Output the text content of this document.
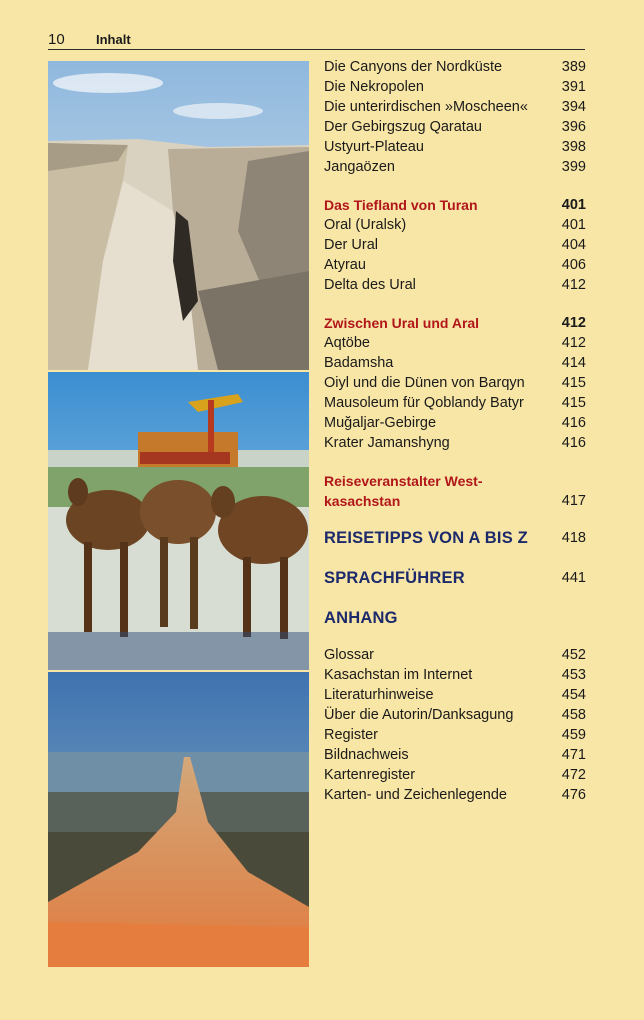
10 Inhalt
Die Canyons der Nordküste	389
Die Nekropolen	391
Die unterirdischen »Moscheen« 394
Der Gebirgszug Qaratau	396
Ustyurt-Plateau	398
Jangaözen	399
Das Tiefland von Turan	401
Oral (Uralsk)	401
Der Ural	404
Atyrau	406
Delta des Ural	412
Zwischen Ural und Aral	412
Aqtöbe	412
Badamsha	414
Oiyl und die Dünen von Barqyn	415
Mausoleum für Qoblandy Batyr	415
Muğaljar-Gebirge	416
Krater Jamanshyng	416
Reiseveranstalter West-kasachstan	417
REISETIPPS VON A BIS Z 418
SPRACHFÜHRER	441
ANHANG
Glossar	452
Kasachstan im Internet	453
Literaturhinweise	454
Über die Autorin/Danksagung	458
Register	459
Bildnachweis	471
Kartenregister	472
Karten- und Zeichenlegende	476
